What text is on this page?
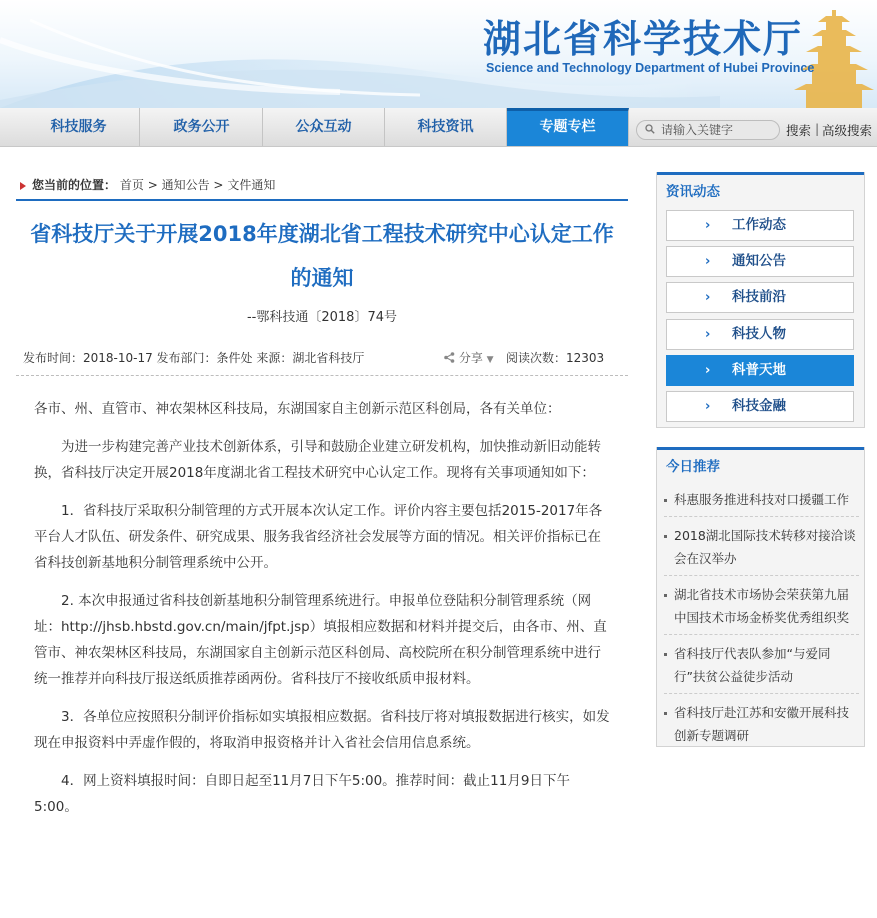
湖北省科学技术厅
Science and Technology Department of Hubei Province
科技服务	政务公开	公众互动	科技资讯	专题专栏	请输入关键字	搜索 | 高级搜索
您当前的位置： 首页 > 通知公告 > 文件通知
省科技厅关于开展2018年度湖北省工程技术研究中心认定工作
的通知
--鄂科技通〔2018〕74号
发布时间：2018-10-17 发布部门：条件处 来源：湖北省科技厅	分享 ▼ 阅读次数：12303

各市、州、直管市、神农架林区科技局，东湖国家自主创新示范区科创局，各有关单位：

为进一步构建完善产业技术创新体系，引导和鼓励企业建立研发机构，加快推动新旧动能转换，省科技厅决定开展2018年度湖北省工程技术研究中心认定工作。现将有关事项通知如下：

1．省科技厅采取积分制管理的方式开展本次认定工作。评价内容主要包括2015-2017年各平台人才队伍、研发条件、研究成果、服务我省经济社会发展等方面的情况。相关评价指标已在省科技创新基地积分制管理系统中公开。

2. 本次申报通过省科技创新基地积分制管理系统进行。申报单位登陆积分制管理系统（网址：http://jhsb.hbstd.gov.cn/main/jfpt.jsp）填报相应数据和材料并提交后，由各市、州、直管市、神农架林区科技局，东湖国家自主创新示范区科创局、高校院所在积分制管理系统中进行统一推荐并向科技厅报送纸质推荐函两份。省科技厅不接收纸质申报材料。

3．各单位应按照积分制评价指标如实填报相应数据。省科技厅将对填报数据进行核实，如发现在申报资料中弄虚作假的，将取消申报资格并计入省社会信用信息系统。

4．网上资料填报时间：自即日起至11月7日下午5:00。推荐时间：截止11月9日下午5:00。

资讯动态
› 工作动态
› 通知公告
› 科技前沿
› 科技人物
› 科普天地
› 科技金融
今日推荐
科惠服务推进科技对口援疆工作
2018湖北国际技术转移对接洽谈会在汉举办
湖北省技术市场协会荣获第九届中国技术市场金桥奖优秀组织奖
省科技厅代表队参加“与爱同行”扶贫公益徒步活动
省科技厅赴江苏和安徽开展科技创新专题调研
